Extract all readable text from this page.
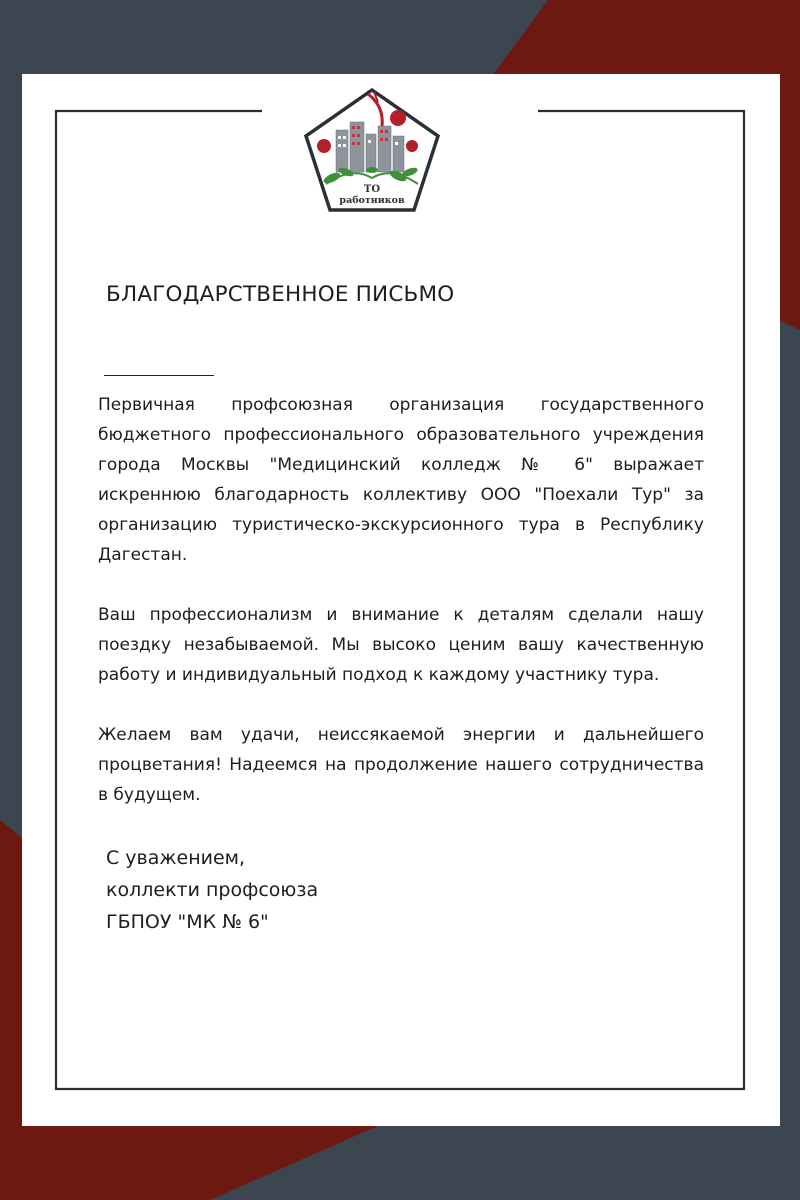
ТО
работников
БЛАГОДАРСТВЕННОЕ ПИСЬМО

Первичная профсоюзная организация государственного бюджетного профессионального образовательного учреждения города Москвы "Медицинский колледж № 6" выражает искреннюю благодарность коллективу ООО "Поехали Тур" за организацию туристическо-экскурсионного тура в Республику Дагестан.

Ваш профессионализм и внимание к деталям сделали нашу поездку незабываемой. Мы высоко ценим вашу качественную работу и индивидуальный подход к каждому участнику тура.

Желаем вам удачи, неиссякаемой энергии и дальнейшего процветания! Надеемся на продолжение нашего сотрудничества в будущем.

С уважением,
коллекти профсоюза
ГБПОУ "МК № 6"
